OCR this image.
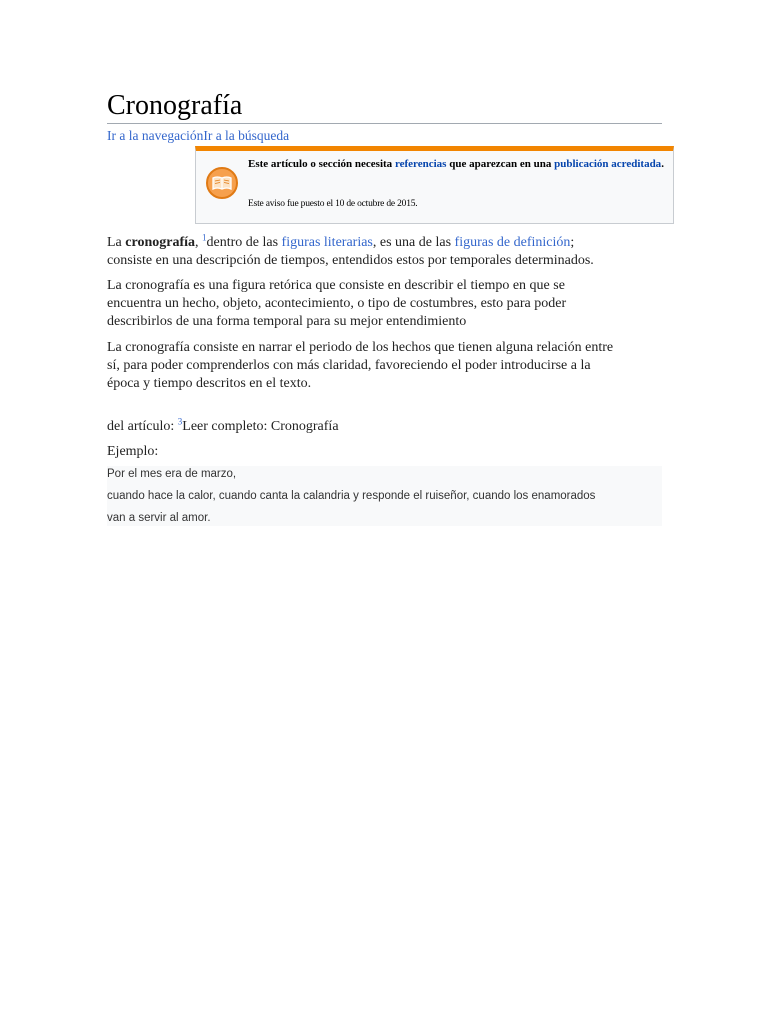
Cronografía
Ir a la navegaciónIr a la búsqueda
Este artículo o sección necesita referencias que aparezcan en una publicación acreditada.
Este aviso fue puesto el 10 de octubre de 2015.
La cronografía, $^1$dentro de las figuras literarias, es una de las figuras de definición;
consiste en una descripción de tiempos, entendidos estos por temporales determinados.
La cronografía es una figura retórica que consiste en describir el tiempo en que se
encuentra un hecho, objeto, acontecimiento, o tipo de costumbres, esto para poder
describirlos de una forma temporal para su mejor entendimiento
La cronografía consiste en narrar el periodo de los hechos que tienen alguna relación entre
sí, para poder comprenderlos con más claridad, favoreciendo el poder introducirse a la
época y tiempo descritos en el texto.
del artículo: $^3$Leer completo: Cronografía
Ejemplo:
Por el mes era de marzo,
cuando hace la calor, cuando canta la calandria y responde el ruiseñor, cuando los enamorados
van a servir al amor.
